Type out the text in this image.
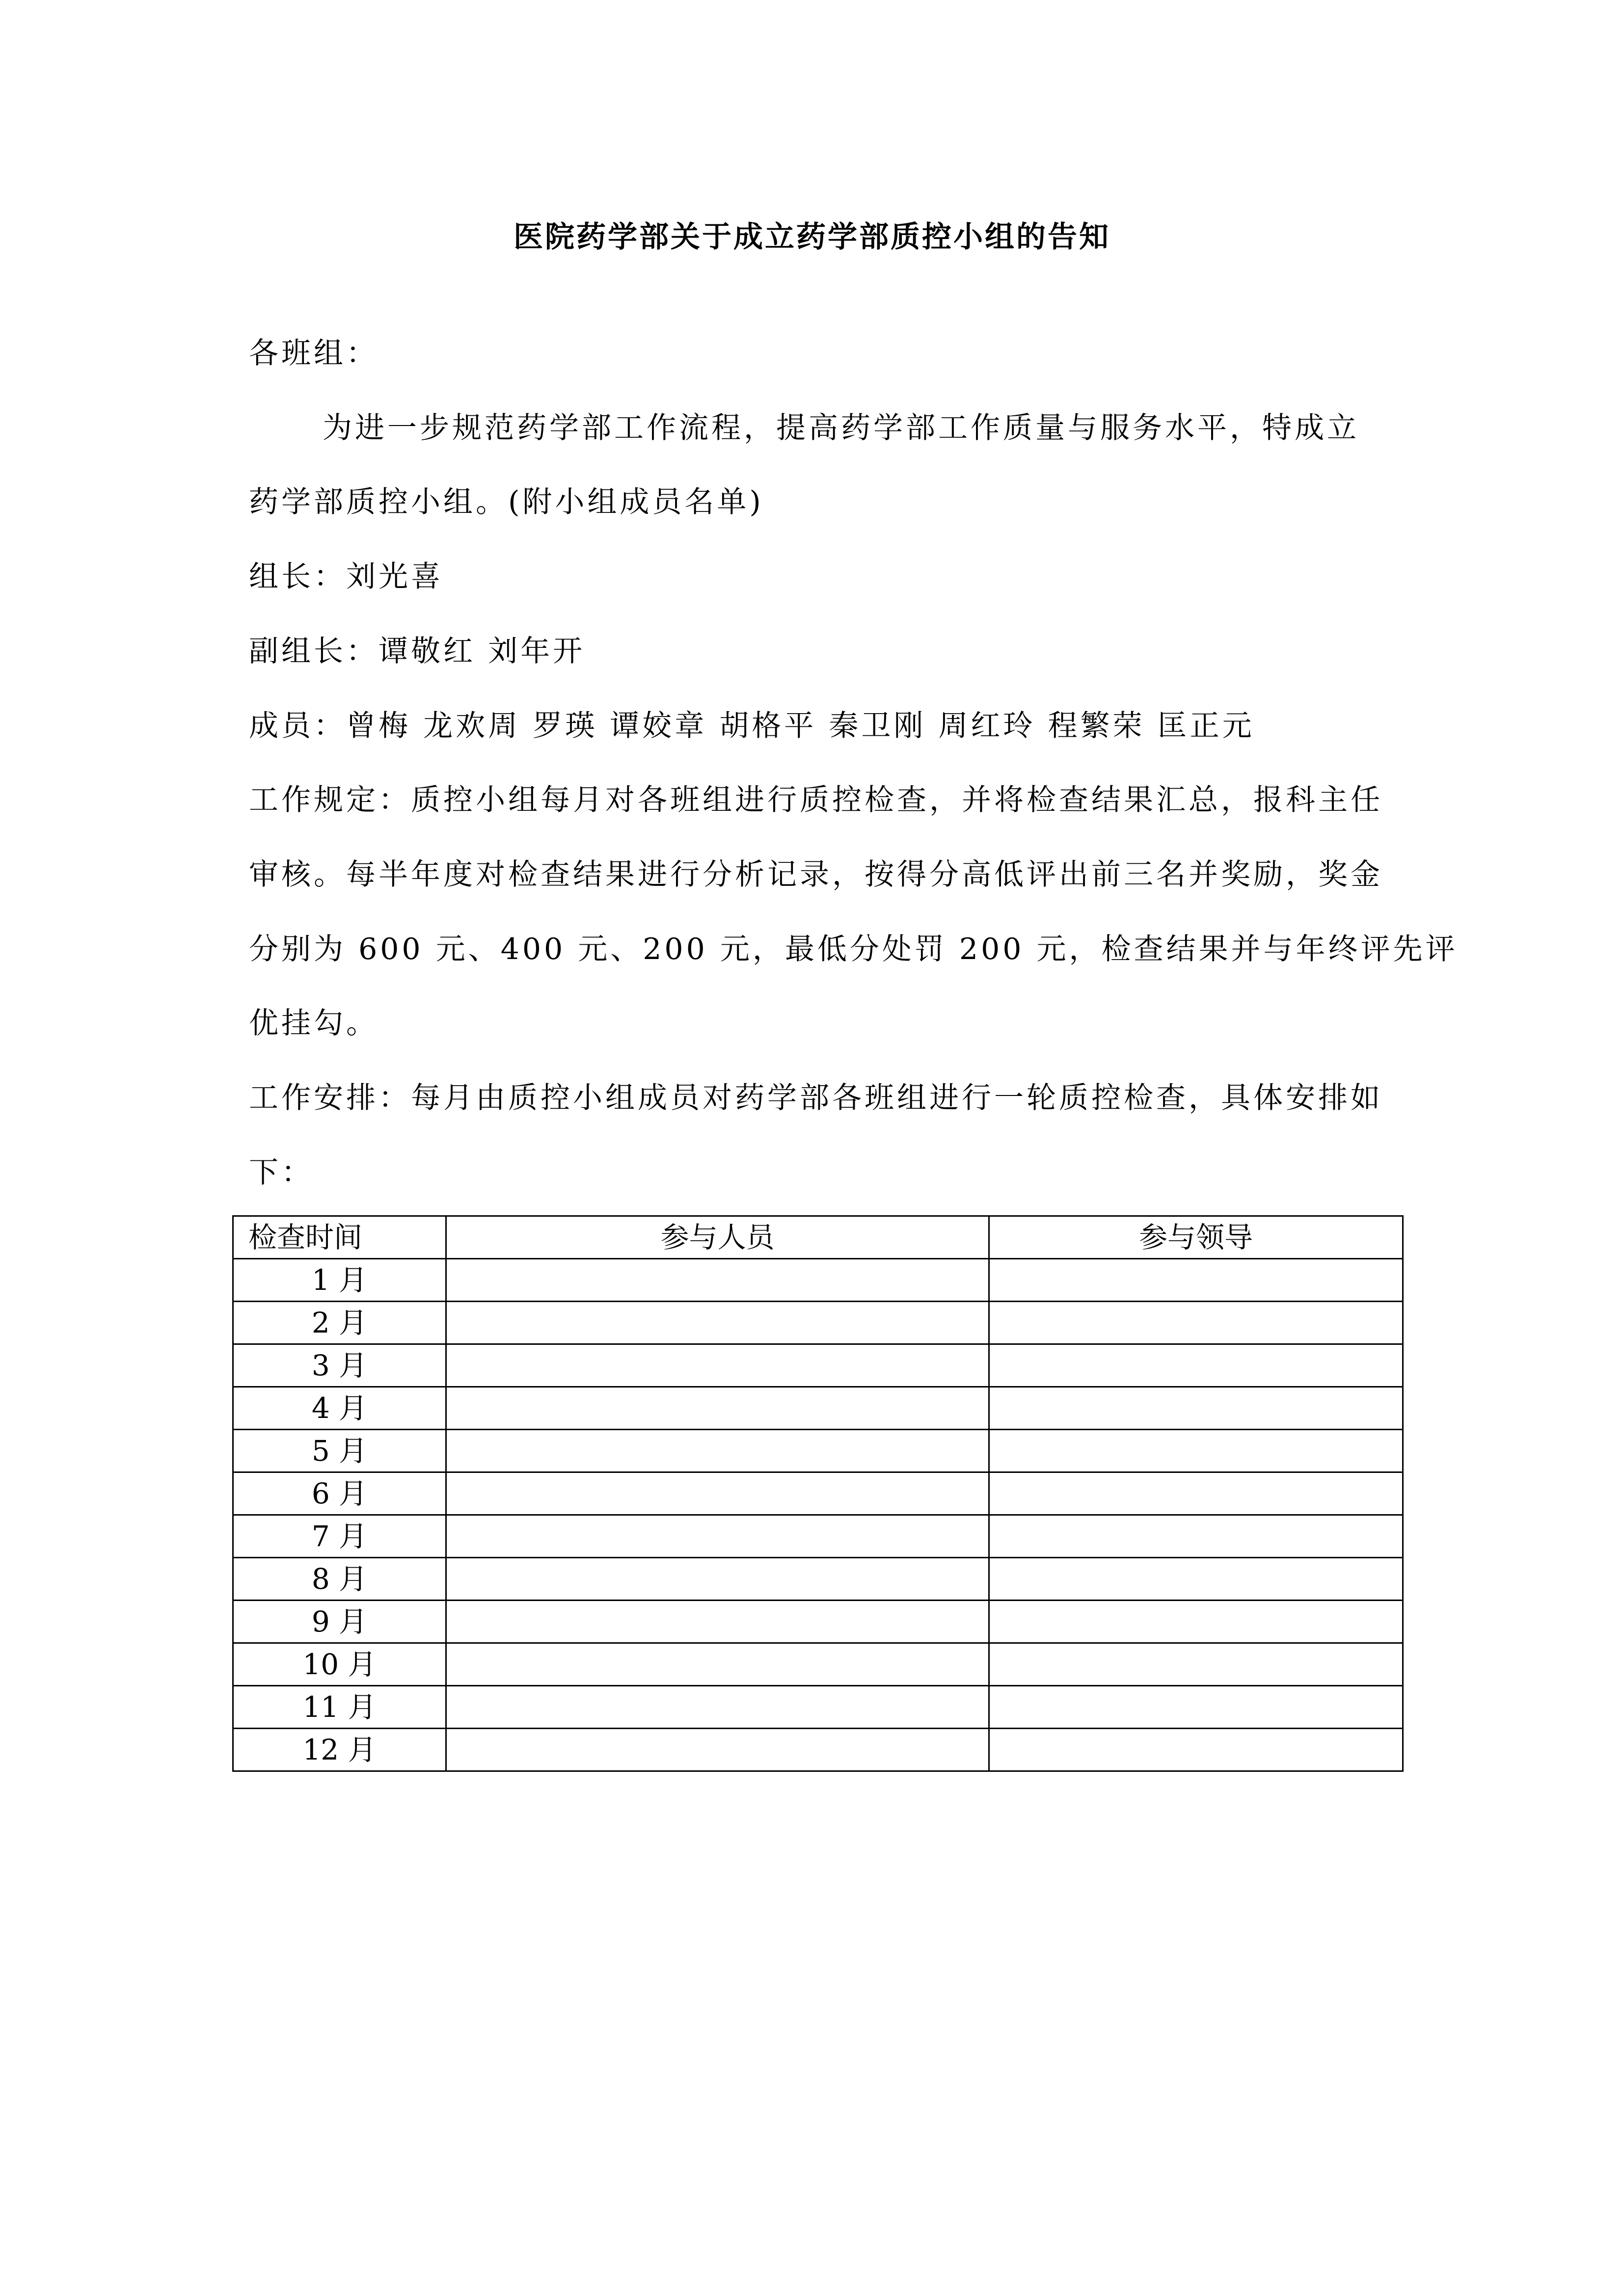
医院药学部关于成立药学部质控小组的告知
各班组：
为进一步规范药学部工作流程，提高药学部工作质量与服务水平，特成立
药学部质控小组。(附小组成员名单)
组长：刘光喜
副组长：谭敬红 刘年开
成员：曾梅 龙欢周 罗瑛 谭姣章 胡格平 秦卫刚 周红玲 程繁荣 匡正元
工作规定：质控小组每月对各班组进行质控检查，并将检查结果汇总，报科主任
审核。每半年度对检查结果进行分析记录，按得分高低评出前三名并奖励，奖金
分别为 600 元、400 元、200 元，最低分处罚 200 元，检查结果并与年终评先评
优挂勾。
工作安排：每月由质控小组成员对药学部各班组进行一轮质控检查，具体安排如
下：
检查时间	参与人员	参与领导
1 月		
2 月		
3 月		
4 月		
5 月		
6 月		
7 月		
8 月		
9 月		
10 月		
11 月		
12 月		
